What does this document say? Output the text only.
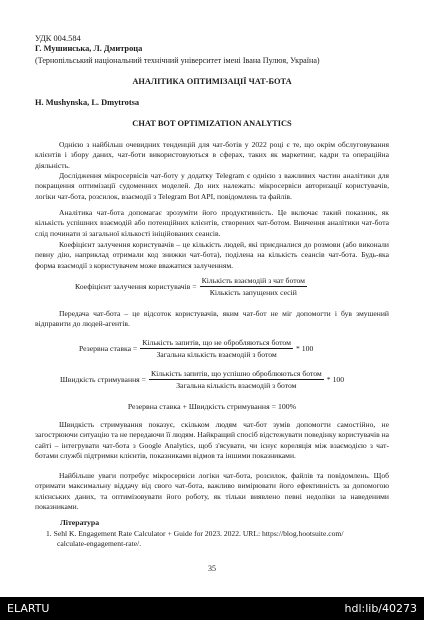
УДК 004.584
Г. Мушинська, Л. Дмитроца
(Тернопільський національний технічний університет імені Івана Пулюя, Україна)
АНАЛІТИКА ОПТИМІЗАЦІЇ ЧАТ-БОТА
H. Mushynska, L. Dmytrotsa
CHAT BOT OPTIMIZATION ANALYTICS

Однією з найбільш очевидних тенденцій для чат-ботів у 2022 році є те, що окрім обслуговування клієнтів і збору даних, чат-боти використовуються в сферах, таких як маркетинг, кадри та операційна діяльність.

Дослідження мікросервісів чат-боту у додатку Telegram є однією з важливих частин аналітики для покращення оптимізації судоменних моделей. До них належать: мікросервіси авторизації користувачів, логіки чат-бота, розсилок, взаємодії з Telegram Bot API, повідомлень та файлів.

Аналітика чат-бота допомагає зрозуміти його продуктивність. Це включає такий показник, як кількість успішних взаємодій або потенційних клієнтів, створених чат-ботом. Вивчення аналітики чат-бота слід починати зі загальної кількості ініційованих сеансів.

Коефіцієнт залучення користувачів – це кількість людей, які приєдналися до розмови (або виконали певну дію, наприклад отримали код знижки чат-бота), поділена на кількість сеансів чат-бота. Будь-яка форма взаємодії з користувачем може вважатися залученням.

Коефіцієнт залучення користувачів = $\frac{\text{Кількість взаємодій з чат ботом}}{\text{Кількість запущених сесій}}$

Передача чат-бота – це відсоток користувачів, яким чат-бот не міг допомогти і був змушений відправити до людей-агентів.

Резервна ставка = $\frac{\text{Кількість запитів, що не обробляються ботом}}{\text{Загальна кількість взаємодій з ботом}} * 100$
Швидкість стримування = $\frac{\text{Кількість запитів, що успішно оброблюються ботом}}{\text{Загальна кількість взаємодій з ботом}} * 100$
Резервна ставка + Швидкість стримування = 100%

Швидкість стримування показує, скільком людям чат-бот зумів допомогти самостійно, не загострюючи ситуацію та не передаючи її людям. Найкращий спосіб відстежувати поведінку користувачів на сайті – інтегрувати чат-бота з Google Analytics, щоб з'ясувати, чи існує кореляція між взаємодією з чат-ботами службі підтримки клієнтів, показниками відмов та іншими показниками.

Найбільше уваги потребує мікросервіси логіки чат-бота, розсилок, файлів та повідомлень. Щоб отримати максимальну віддачу від свого чат-бота, важливо вимірювати його ефективність за допомогою клієнських даних, та оптимізовувати його роботу, як тільки виявлено певні недоліки за наведеними показниками.

Література
1. Sehl K. Engagement Rate Calculator + Guide for 2023. 2022. URL: https://blog.hootsuite.com/
calculate-engagement-rate/.
35
ELARTU	hdl:lib/40273
